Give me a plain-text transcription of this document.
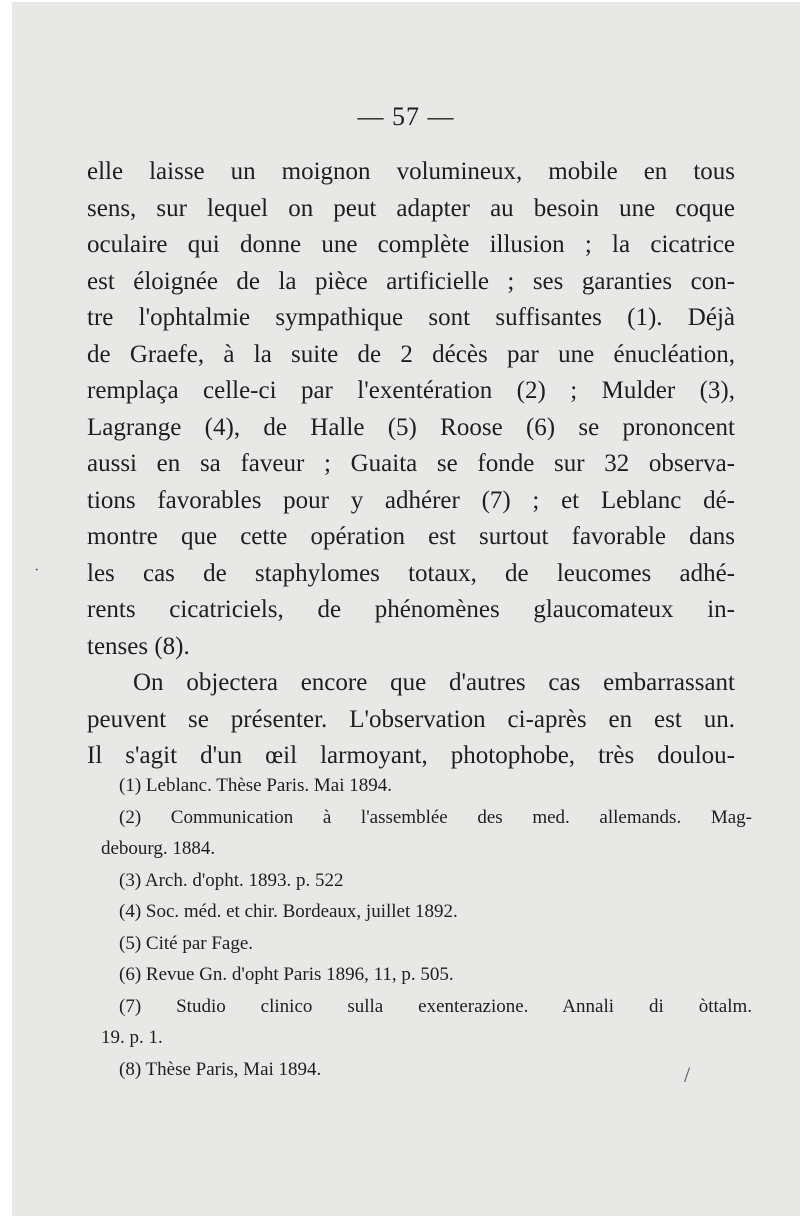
— 57 —
elle laisse un moignon volumineux, mobile en tous
sens, sur lequel on peut adapter au besoin une coque
oculaire qui donne une complète illusion ; la cicatrice
est éloignée de la pièce artificielle ; ses garanties con-
tre l'ophtalmie sympathique sont suffisantes (1). Déjà
de Graefe, à la suite de 2 décès par une énucléation,
remplaça celle-ci par l'exentération (2) ; Mulder (3),
Lagrange (4), de Halle (5) Roose (6) se prononcent
aussi en sa faveur ; Guaita se fonde sur 32 observa-
tions favorables pour y adhérer (7) ; et Leblanc dé-
montre que cette opération est surtout favorable dans
les cas de staphylomes totaux, de leucomes adhé-
rents cicatriciels, de phénomènes glaucomateux in-
tenses (8).
On objectera encore que d'autres cas embarrassant
peuvent se présenter. L'observation ci-après en est un.
Il s'agit d'un œil larmoyant, photophobe, très doulou-
(1) Leblanc. Thèse Paris. Mai 1894.
(2) Communication à l'assemblée des med. allemands. Mag-
debourg. 1884.
(3) Arch. d'opht. 1893. p. 522
(4) Soc. méd. et chir. Bordeaux, juillet 1892.
(5) Cité par Fage.
(6) Revue Gn. d'opht Paris 1896, 11, p. 505.
(7) Studio clinico sulla exenterazione. Annali di òttalm.
19. p. 1.
(8) Thèse Paris, Mai 1894.
·
/
